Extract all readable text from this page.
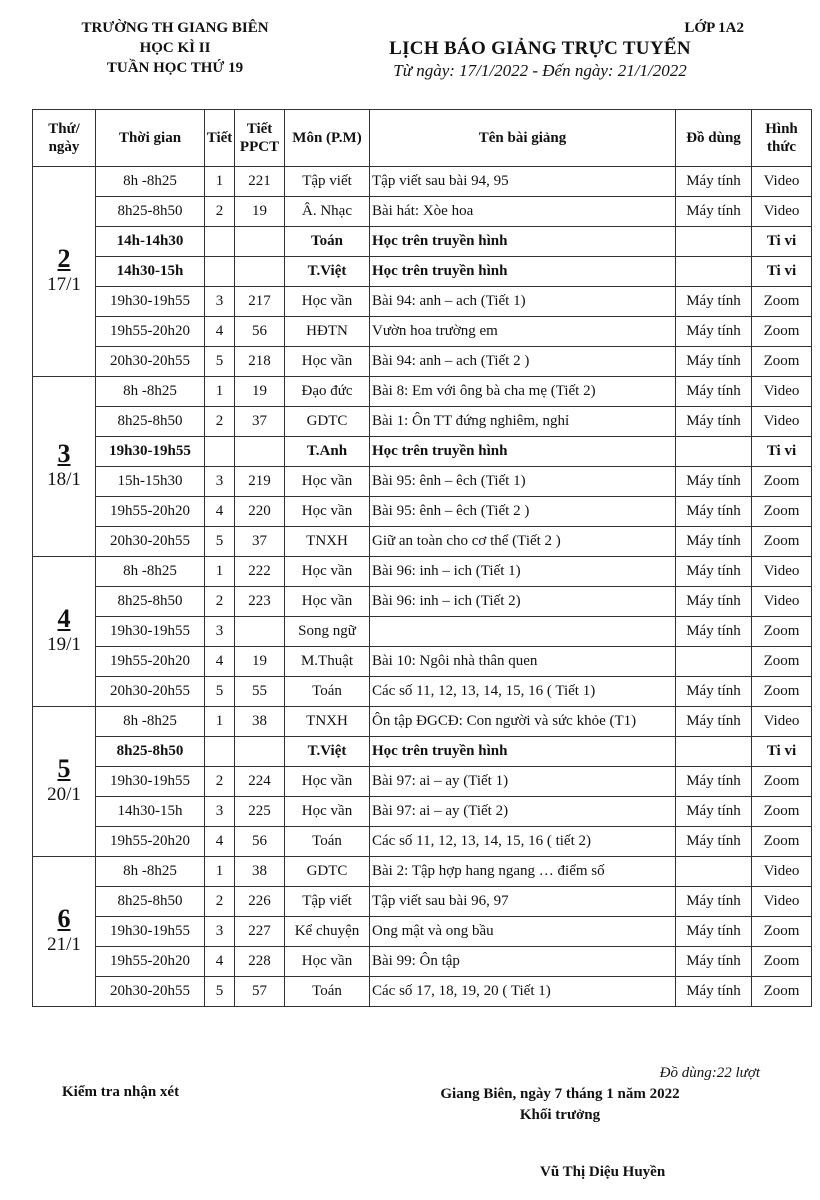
TRƯỜNG TH GIANG BIÊN
HỌC KÌ II
TUẦN HỌC THỨ 19
LỚP 1A2
LỊCH BÁO GIẢNG TRỰC TUYẾN
Từ ngày: 17/1/2022 - Đến ngày: 21/1/2022
Thứ/ ngày	Thời gian	Tiết	Tiết PPCT	Môn (P.M)	Tên bài giảng	Đồ dùng	Hình thức

2
17/1	8h -8h25	1	221	Tập viết	Tập viết sau bài 94, 95	Máy tính	Video
	8h25-8h50	2	19	Â. Nhạc	Bài hát: Xòe hoa	Máy tính	Video
	14h-14h30			Toán	Học trên truyền hình		Ti vi
	14h30-15h			T.Việt	Học trên truyền hình		Ti vi
	19h30-19h55	3	217	Học vần	Bài 94: anh – ach (Tiết 1)	Máy tính	Zoom
	19h55-20h20	4	56	HĐTN	Vườn hoa trường em	Máy tính	Zoom
	20h30-20h55	5	218	Học vần	Bài 94: anh – ach (Tiết 2 )	Máy tính	Zoom

3
18/1	8h -8h25	1	19	Đạo đức	Bài 8: Em với ông bà cha mẹ (Tiết 2)	Máy tính	Video
	8h25-8h50	2	37	GDTC	Bài 1: Ôn TT đứng nghiêm, nghỉ	Máy tính	Video
	19h30-19h55			T.Anh	Học trên truyền hình		Ti vi
	15h-15h30	3	219	Học vần	Bài 95: ênh – êch (Tiết 1)	Máy tính	Zoom
	19h55-20h20	4	220	Học vần	Bài 95: ênh – êch (Tiết 2 )	Máy tính	Zoom
	20h30-20h55	5	37	TNXH	Giữ an toàn cho cơ thể (Tiết 2 )	Máy tính	Zoom

4
19/1	8h -8h25	1	222	Học vần	Bài 96: inh – ich (Tiết 1)	Máy tính	Video
	8h25-8h50	2	223	Học vần	Bài 96: inh – ich (Tiết 2)	Máy tính	Video
	19h30-19h55	3		Song ngữ		Máy tính	Zoom
	19h55-20h20	4	19	M.Thuật	Bài 10: Ngôi nhà thân quen		Zoom
	20h30-20h55	5	55	Toán	Các số 11, 12, 13, 14, 15, 16 ( Tiết 1)	Máy tính	Zoom

5
20/1	8h -8h25	1	38	TNXH	Ôn tập ĐGCĐ: Con người và sức khỏe (T1)	Máy tính	Video
	8h25-8h50			T.Việt	Học trên truyền hình		Ti vi
	19h30-19h55	2	224	Học vần	Bài 97: ai – ay (Tiết 1)	Máy tính	Zoom
	14h30-15h	3	225	Học vần	Bài 97: ai – ay (Tiết 2)	Máy tính	Zoom
	19h55-20h20	4	56	Toán	Các số 11, 12, 13, 14, 15, 16 ( tiết 2)	Máy tính	Zoom

6
21/1	8h -8h25	1	38	GDTC	Bài 2: Tập hợp hang ngang … điểm số		Video
	8h25-8h50	2	226	Tập viết	Tập viết sau bài 96, 97	Máy tính	Video
	19h30-19h55	3	227	Kể chuyện	Ong mật và ong bầu	Máy tính	Zoom
	19h55-20h20	4	228	Học vần	Bài 99: Ôn tập	Máy tính	Zoom
	20h30-20h55	5	57	Toán	Các số 17, 18, 19, 20 ( Tiết 1)	Máy tính	Zoom
Đồ dùng:22 lượt
Kiểm tra nhận xét	Giang Biên, ngày 7 tháng 1 năm 2022
Khối trưởng
Vũ Thị Diệu Huyền
